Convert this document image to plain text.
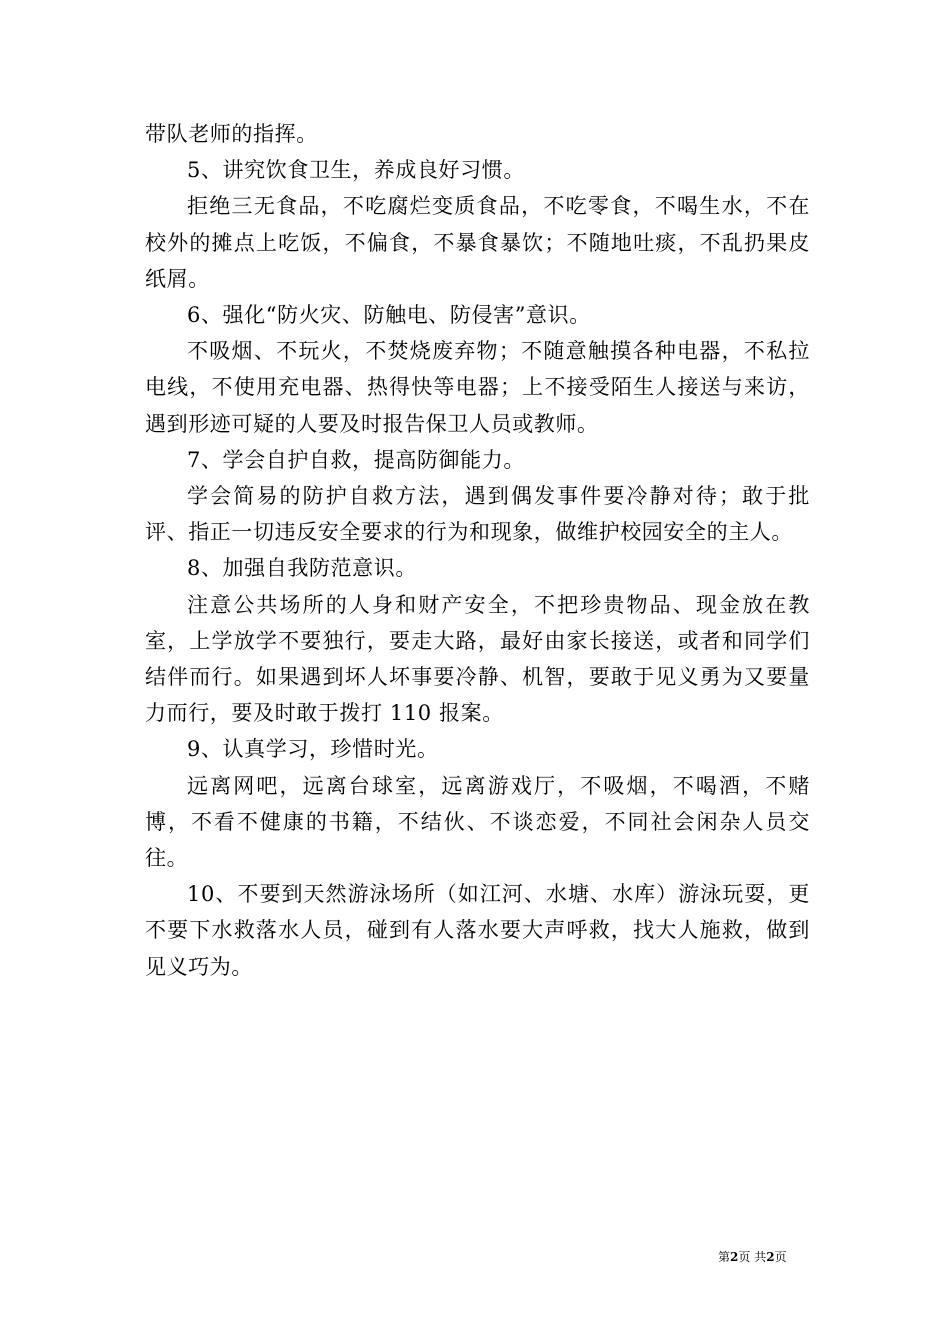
带队老师的指挥。

5、讲究饮食卫生，养成良好习惯。

拒绝三无食品，不吃腐烂变质食品，不吃零食，不喝生水，不在校外的摊点上吃饭，不偏食，不暴食暴饮；不随地吐痰，不乱扔果皮纸屑。

6、强化“防火灾、防触电、防侵害”意识。

不吸烟、不玩火，不焚烧废弃物；不随意触摸各种电器，不私拉电线，不使用充电器、热得快等电器；上不接受陌生人接送与来访，遇到形迹可疑的人要及时报告保卫人员或教师。

7、学会自护自救，提高防御能力。

学会简易的防护自救方法，遇到偶发事件要冷静对待；敢于批评、指正一切违反安全要求的行为和现象，做维护校园安全的主人。

8、加强自我防范意识。

注意公共场所的人身和财产安全，不把珍贵物品、现金放在教室，上学放学不要独行，要走大路，最好由家长接送，或者和同学们结伴而行。如果遇到坏人坏事要冷静、机智，要敢于见义勇为又要量力而行，要及时敢于拨打 110 报案。

9、认真学习，珍惜时光。

远离网吧，远离台球室，远离游戏厅，不吸烟，不喝酒，不赌博，不看不健康的书籍，不结伙、不谈恋爱，不同社会闲杂人员交往。

10、不要到天然游泳场所（如江河、水塘、水库）游泳玩耍，更不要下水救落水人员，碰到有人落水要大声呼救，找大人施救，做到见义巧为。

第2页 共2页
